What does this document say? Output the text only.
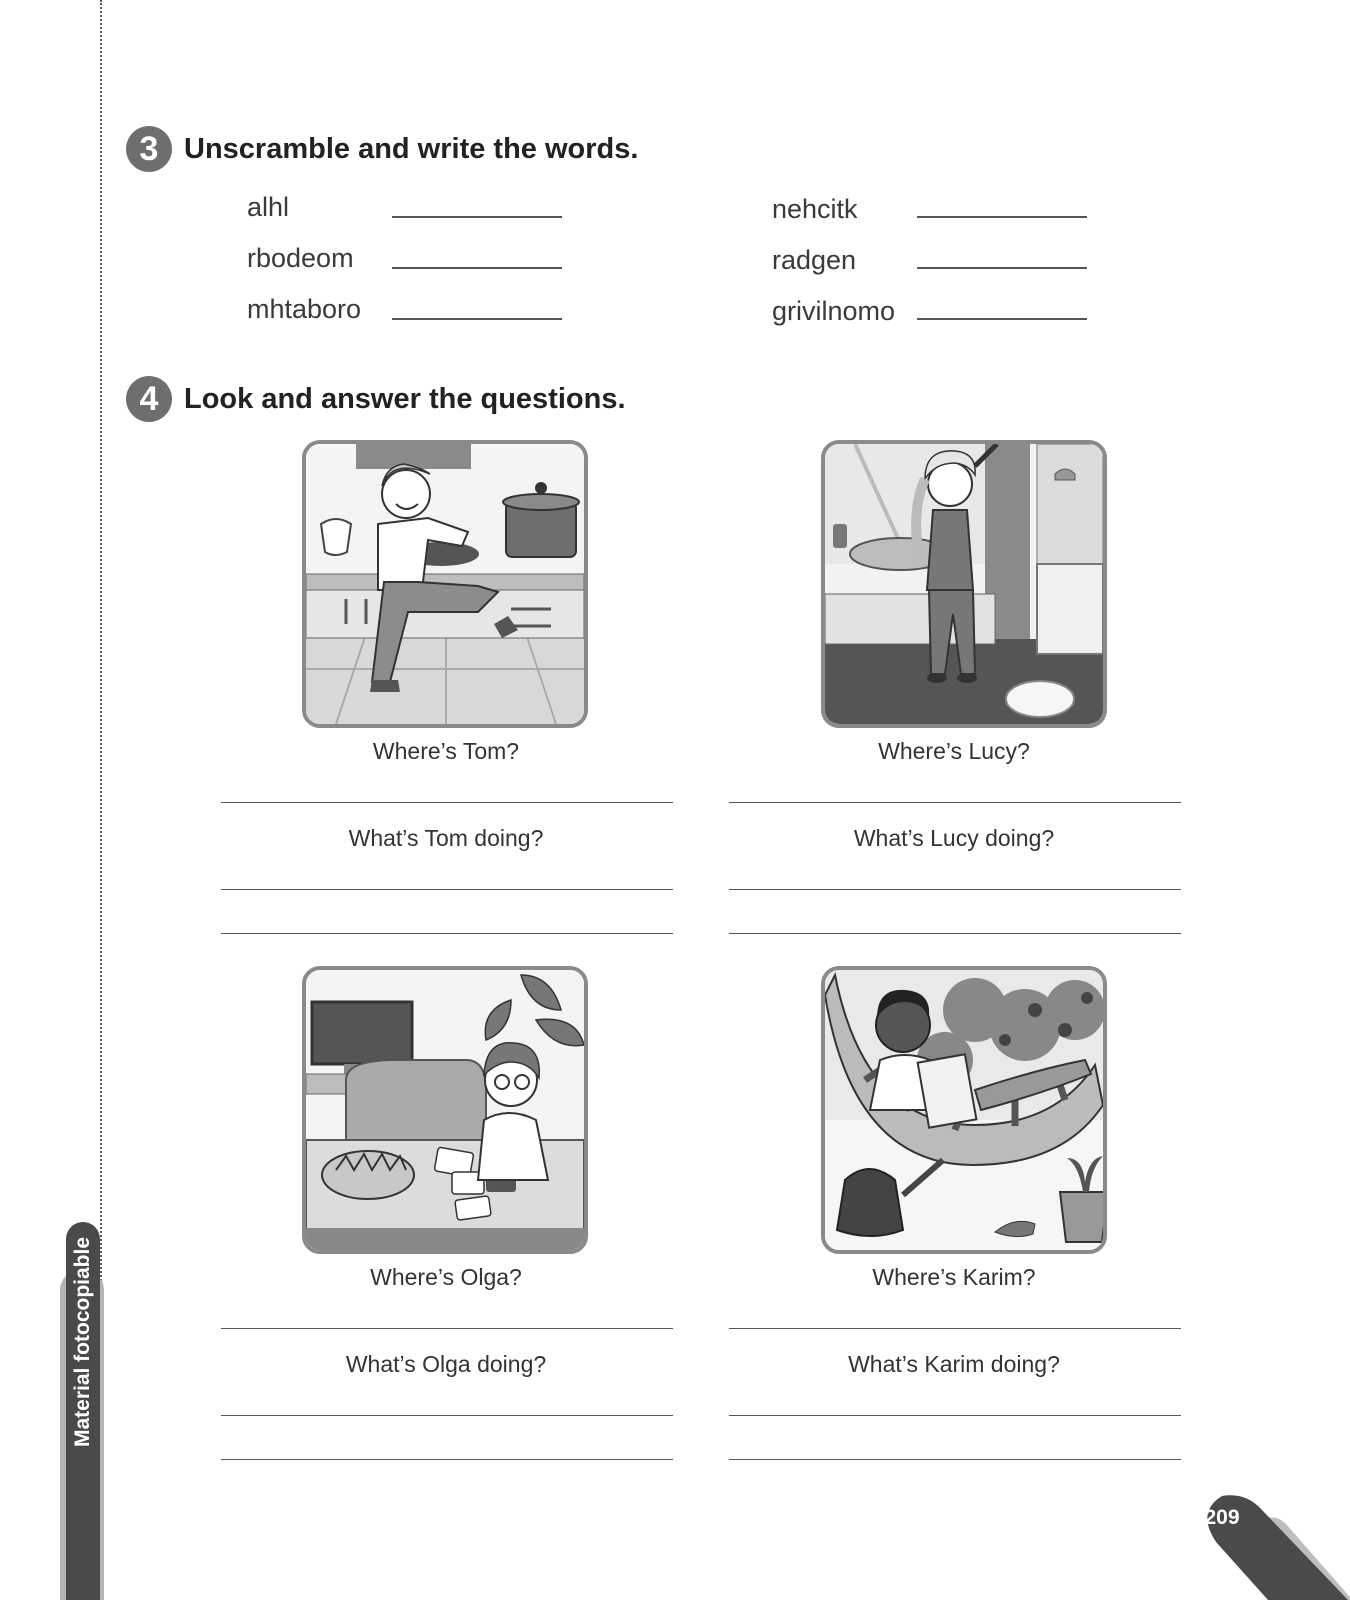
Material fotocopiable
3 Unscramble and write the words.
alhl
rbodeom
mhtaboro
nehcitk
radgen
grivilnomo
4 Look and answer the questions.
Where’s Tom?
What’s Tom doing?
Where’s Lucy?
What’s Lucy doing?
Where’s Olga?
What’s Olga doing?
Where’s Karim?
What’s Karim doing?
209
